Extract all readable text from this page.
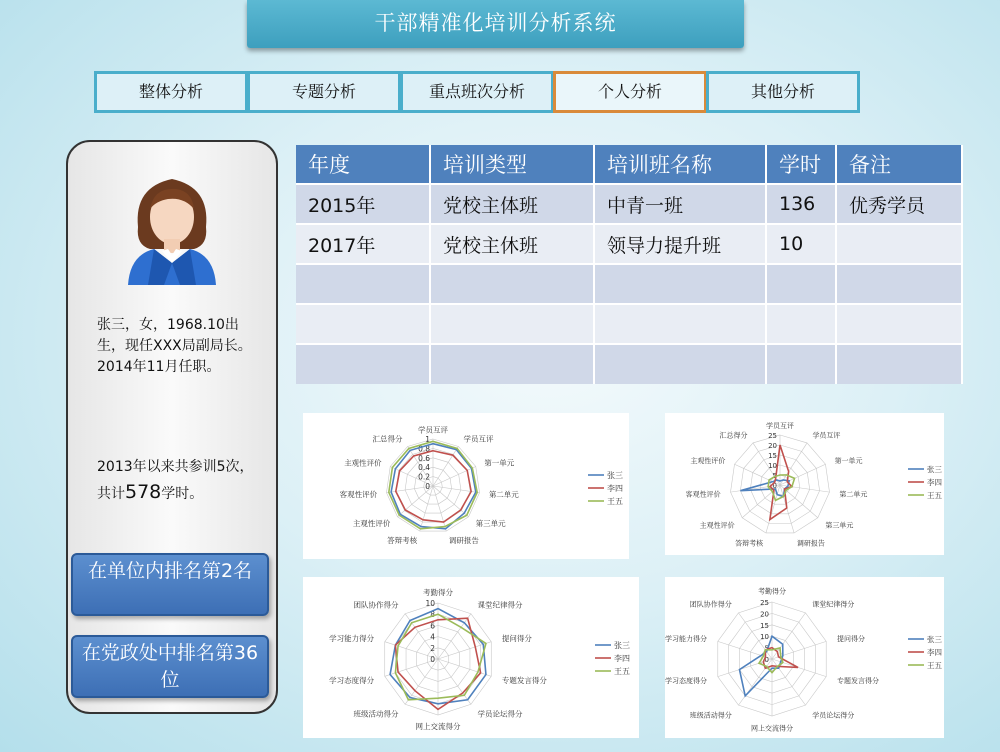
干部精准化培训分析系统
整体分析	专题分析	重点班次分析	个人分析	其他分析
张三，女，1968.10出生，现任XXX局副局长。2014年11月任职。
2013年以来共参训5次，共计578学时。
在单位内排名第2名
在党政处中排名第36位
年度	培训类型	培训班名称	学时	备注
2015年	党校主体班	中青一班	136	优秀学员
2017年	党校主休班	领导力提升班	10	

学员互评
学员互评
第一单元
第二单元
第三单元
调研报告
答辩考核
主观性评价
客观性评价
主观性评价
汇总得分
0
0.2
0.4
0.6
0.8
1
张三
李四
王五
学员互评
学员互评
第一单元
第二单元
第三单元
调研报告
答辩考核
主观性评价
客观性评价
主观性评价
汇总得分
0
5
10
15
20
25
张三
李四
王五
考勤得分
课堂纪律得分
提问得分
专题发言得分
学员论坛得分
网上交流得分
班级活动得分
学习态度得分
学习能力得分
团队协作得分
0
2
4
6
8
10
张三
李四
王五
考勤得分
课堂纪律得分
提问得分
专题发言得分
学员论坛得分
网上交流得分
班级活动得分
学习态度得分
学习能力得分
团队协作得分
0
5
10
15
20
25
张三
李四
王五
